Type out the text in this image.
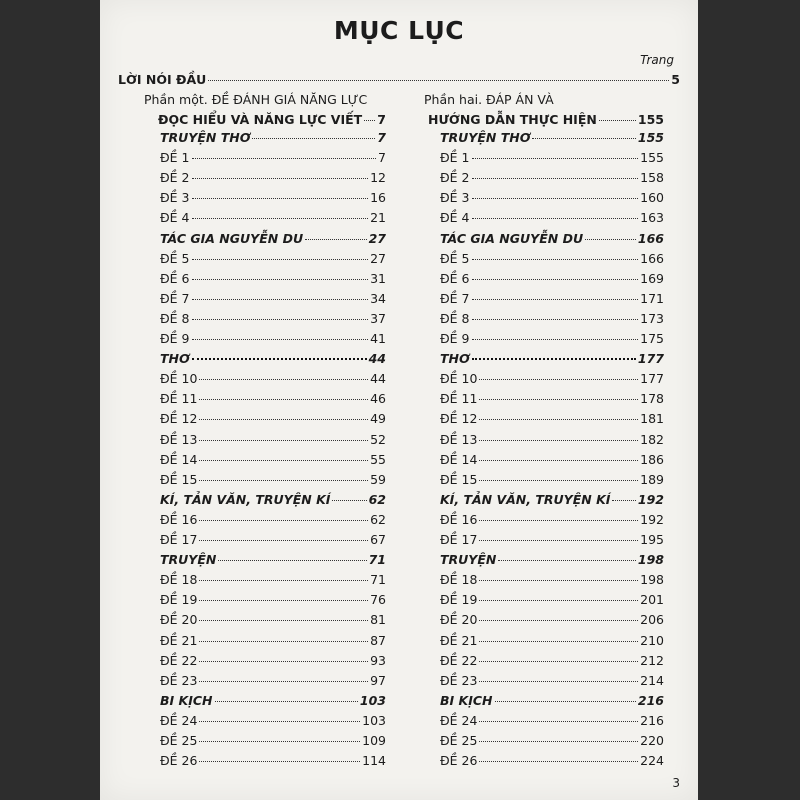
MỤC LỤC
Trang
LỜI NÓI ĐẦU	5
Phần một. ĐỀ ĐÁNH GIÁ NĂNG LỰC
ĐỌC HIỂU VÀ NĂNG LỰC VIẾT 7
Phần hai. ĐÁP ÁN VÀ
HƯỚNG DẪN THỰC HIỆN	155
TRUYỆN THƠ	7
ĐỀ 1	7
ĐỀ 2	12
ĐỀ 3	16
ĐỀ 4	21
TÁC GIA NGUYỄN DU	27
ĐỀ 5	27
ĐỀ 6	31
ĐỀ 7	34
ĐỀ 8	37
ĐỀ 9	41
THƠ	44
ĐỀ 10	44
ĐỀ 11	46
ĐỀ 12	49
ĐỀ 13	52
ĐỀ 14	55
ĐỀ 15	59
KÍ, TẢN VĂN, TRUYỆN KÍ	62
ĐỀ 16	62
ĐỀ 17	67
TRUYỆN	71
ĐỀ 18	71
ĐỀ 19	76
ĐỀ 20	81
ĐỀ 21	87
ĐỀ 22	93
ĐỀ 23	97
BI KỊCH	103
ĐỀ 24	103
ĐỀ 25	109
ĐỀ 26	114
TRUYỆN THƠ	155
ĐỀ 1	155
ĐỀ 2	158
ĐỀ 3	160
ĐỀ 4	163
TÁC GIA NGUYỄN DU	166
ĐỀ 5	166
ĐỀ 6	169
ĐỀ 7	171
ĐỀ 8	173
ĐỀ 9	175
THƠ	177
ĐỀ 10	177
ĐỀ 11	178
ĐỀ 12	181
ĐỀ 13	182
ĐỀ 14	186
ĐỀ 15	189
KÍ, TẢN VĂN, TRUYỆN KÍ 192
ĐỀ 16	192
ĐỀ 17	195
TRUYỆN	198
ĐỀ 18	198
ĐỀ 19	201
ĐỀ 20	206
ĐỀ 21	210
ĐỀ 22	212
ĐỀ 23	214
BI KỊCH	216
ĐỀ 24	216
ĐỀ 25	220
ĐỀ 26	224
3
